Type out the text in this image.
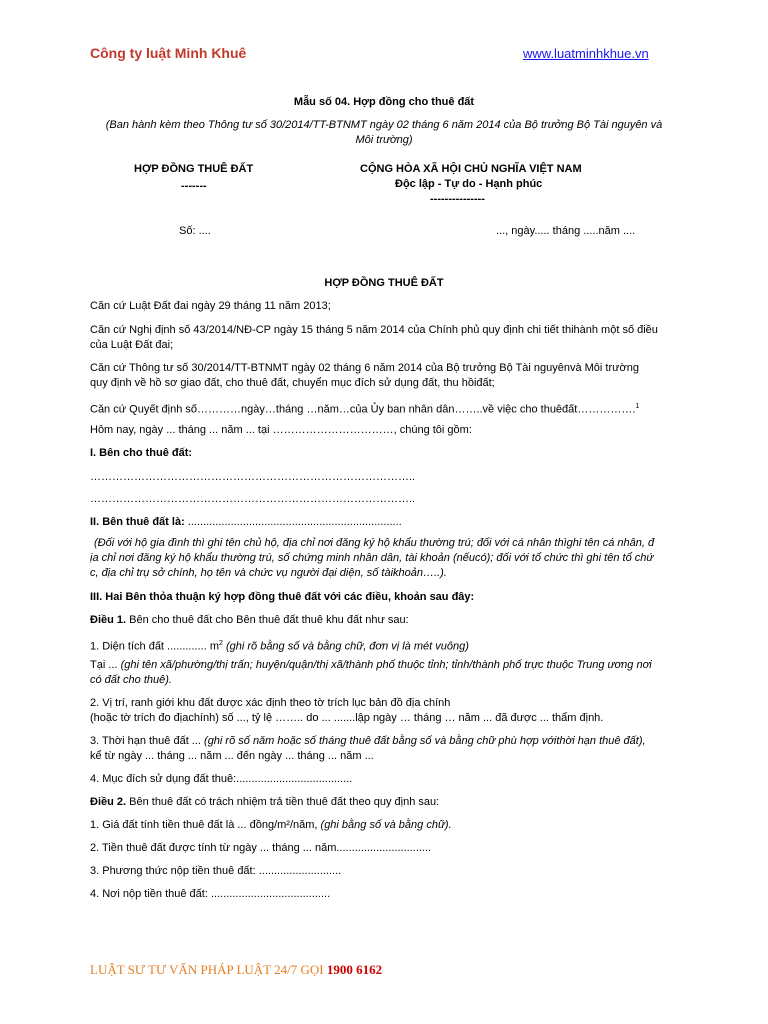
Công ty luật Minh Khuê	www.luatminhkhue.vn
Mẫu số 04. Hợp đồng cho thuê đất
(Ban hành kèm theo Thông tư số 30/2014/TT-BTNMT ngày 02 tháng 6 năm 2014 của Bộ trưởng Bộ Tài nguyên và
Môi trường)
HỢP ĐỒNG THUÊ ĐẤT
-------
CỘNG HÒA XÃ HỘI CHỦ NGHĨA VIỆT NAM
Độc lập - Tự do - Hạnh phúc
---------------
Số: ....	..., ngày..... tháng .....năm ....
HỢP ĐỒNG THUÊ ĐẤT
Căn cứ Luật Đất đai ngày 29 tháng 11 năm 2013;
Căn cứ Nghị định số 43/2014/NĐ-CP ngày 15 tháng 5 năm 2014 của Chính phủ quy định chi tiết thihành một số điều
của Luật Đất đai;
Căn cứ Thông tư số 30/2014/TT-BTNMT ngày 02 tháng 6 năm 2014 của Bộ trưởng Bộ Tài nguyênvà Môi trường
quy định về hồ sơ giao đất, cho thuê đất, chuyển mục đích sử dụng đất, thu hồiđất;
Căn cứ Quyết định số…………ngày…tháng …năm…của Ủy ban nhân dân……..về việc cho thuêđất…………….$^1$
Hôm nay, ngày ... tháng ... năm ... tại ……………………………, chúng tôi gồm:
I. Bên cho thuê đất:
……………………………………………………………………………..
……………………………………………………………………………..
II. Bên thuê đất là: ......................................................................
(Đối với hộ gia đình thì ghi tên chủ hộ, địa chỉ nơi đăng ký hộ khẩu thường trú; đối với cá nhân thìghi tên cá nhân, đ
ịa chỉ nơi đăng ký hộ khẩu thường trú, số chứng minh nhân dân, tài khoản (nếucó); đối với tổ chức thì ghi tên tổ chứ
c, địa chỉ trụ sở chính, họ tên và chức vụ người đại diện, số tàikhoản…..).
III. Hai Bên thỏa thuận ký hợp đồng thuê đất với các điều, khoản sau đây:
Điều 1. Bên cho thuê đất cho Bên thuê đất thuê khu đất như sau:
1. Diện tích đất ............. $m^2$ (ghi rõ bằng số và bằng chữ, đơn vị là mét vuông)
Tại ... (ghi tên xã/phường/thị trấn; huyện/quận/thị xã/thành phố thuộc tỉnh; tỉnh/thành phố trực thuộc Trung ương nơi
có đất cho thuê).
2. Vị trí, ranh giới khu đất được xác định theo tờ trích lục bản đồ địa chính
(hoặc tờ trích đo địachính) số ..., tỷ lệ …….. do ... .......lập ngày … tháng … năm ... đã được ... thẩm định.
3. Thời hạn thuê đất ... (ghi rõ số năm hoặc số tháng thuê đất bằng số và bằng chữ phù hợp vớithời hạn thuê đất),
kể từ ngày ... tháng ... năm ... đến ngày ... tháng ... năm ...
4. Mục đích sử dụng đất thuê:......................................
Điều 2. Bên thuê đất có trách nhiệm trả tiền thuê đất theo quy định sau:
1. Giá đất tính tiền thuê đất là ... đồng/m²/năm, (ghi bằng số và bằng chữ).
2. Tiền thuê đất được tính từ ngày ... tháng ... năm...............................
3. Phương thức nộp tiền thuê đất: ...........................
4. Nơi nộp tiền thuê đất: .......................................
LUẬT SƯ TƯ VẤN PHÁP LUẬT 24/7 GỌI 1900 6162
